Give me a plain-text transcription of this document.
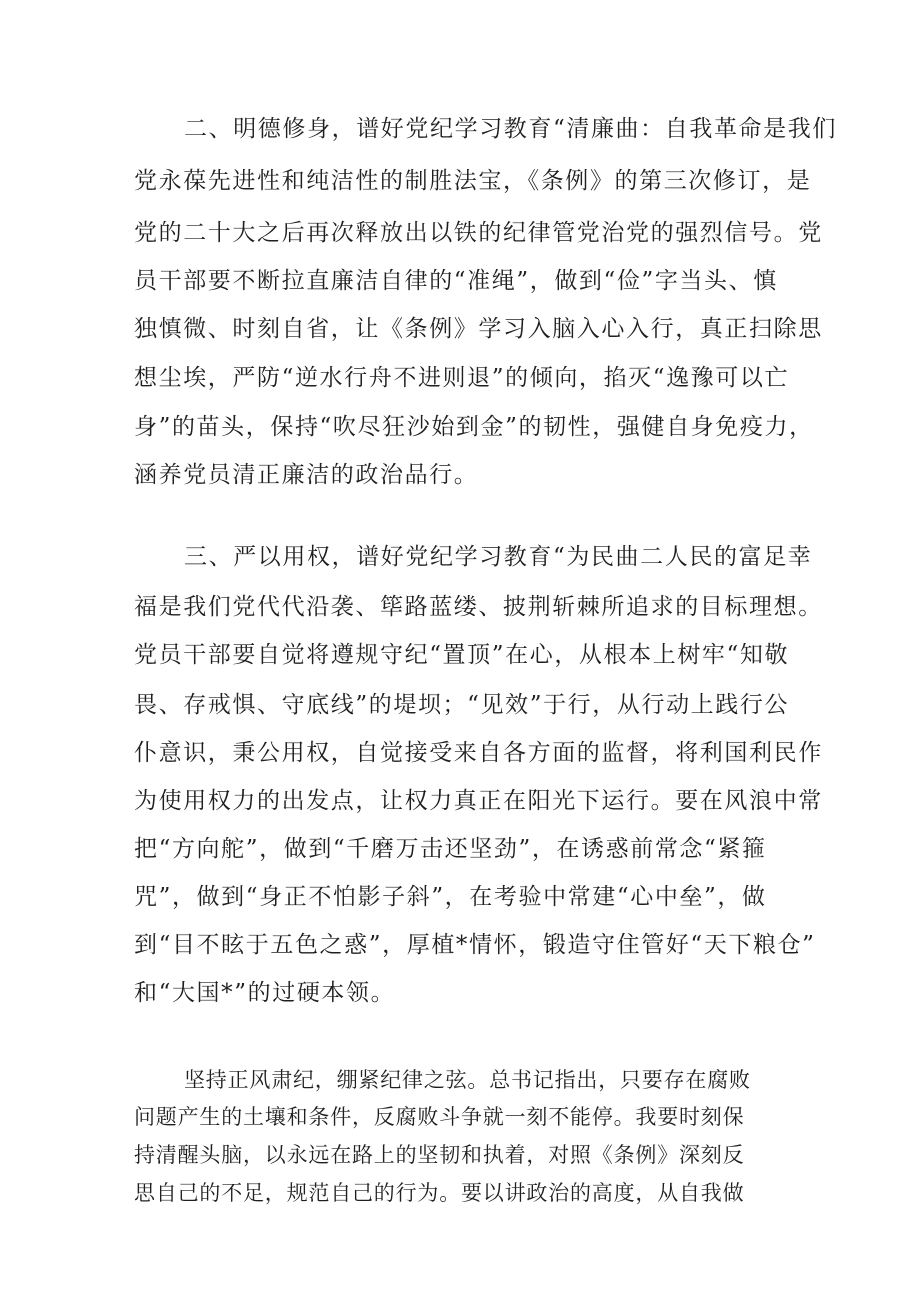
二、明德修身，谱好党纪学习教育“清廉曲：自我革命是我们
党永葆先进性和纯洁性的制胜法宝，《条例》的第三次修订，是
党的二十大之后再次释放出以铁的纪律管党治党的强烈信号。党
员干部要不断拉直廉洁自律的“准绳”，做到“俭”字当头、慎
独慎微、时刻自省，让《条例》学习入脑入心入行，真正扫除思
想尘埃，严防“逆水行舟不进则退”的倾向，掐灭“逸豫可以亡
身”的苗头，保持“吹尽狂沙始到金”的韧性，强健自身免疫力，
涵养党员清正廉洁的政治品行。
三、严以用权，谱好党纪学习教育“为民曲二人民的富足幸
福是我们党代代沿袭、筚路蓝缕、披荆斩棘所追求的目标理想。
党员干部要自觉将遵规守纪“置顶”在心，从根本上树牢“知敬
畏、存戒惧、守底线”的堤坝；“见效”于行，从行动上践行公
仆意识，秉公用权，自觉接受来自各方面的监督，将利国利民作
为使用权力的出发点，让权力真正在阳光下运行。要在风浪中常
把“方向舵”，做到“千磨万击还坚劲”，在诱惑前常念“紧箍
咒”，做到“身正不怕影子斜”，在考验中常建“心中垒”，做
到“目不眩于五色之惑”，厚植*情怀，锻造守住管好“天下粮仓”
和“大国*”的过硬本领。
坚持正风肃纪，绷紧纪律之弦。总书记指出，只要存在腐败
问题产生的土壤和条件，反腐败斗争就一刻不能停。我要时刻保
持清醒头脑，以永远在路上的坚韧和执着，对照《条例》深刻反
思自己的不足，规范自己的行为。要以讲政治的高度，从自我做
